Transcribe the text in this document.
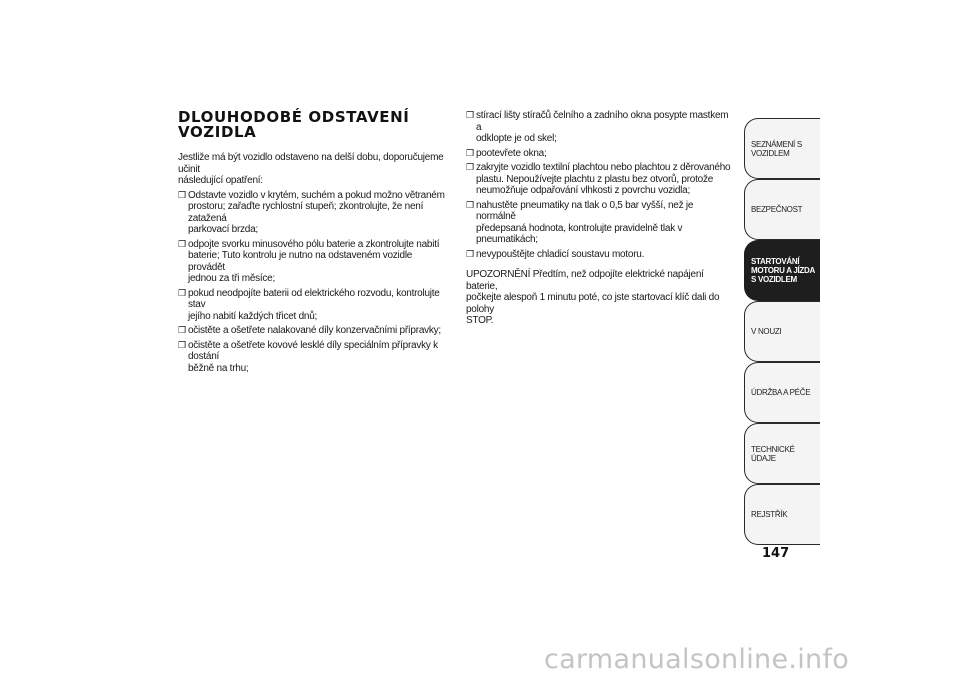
DLOUHODOBÉ ODSTAVENÍ
VOZIDLA
Jestliže má být vozidlo odstaveno na delší dobu, doporučujeme učinit
následující opatření:
❒ Odstavte vozidlo v krytém, suchém a pokud možno větraném
prostoru; zařaďte rychlostní stupeň; zkontrolujte, že není zatažená
parkovací brzda;
❒ odpojte svorku minusového pólu baterie a zkontrolujte nabití
baterie; Tuto kontrolu je nutno na odstaveném vozidle provádět
jednou za tři měsíce;
❒ pokud neodpojíte baterii od elektrického rozvodu, kontrolujte stav
jejího nabití každých třicet dnů;
❒ očistěte a ošetřete nalakované díly konzervačními přípravky;
❒ očistěte a ošetřete kovové lesklé díly speciálním přípravky k dostání
běžně na trhu;
❒ stírací lišty stíračů čelního a zadního okna posypte mastkem a
odklopte je od skel;
❒ pootevřete okna;
❒ zakryjte vozidlo textilní plachtou nebo plachtou z děrovaného
plastu. Nepoužívejte plachtu z plastu bez otvorů, protože
neumožňuje odpařování vlhkosti z povrchu vozidla;
❒ nahustěte pneumatiky na tlak o 0,5 bar vyšší, než je normálně
předepsaná hodnota, kontrolujte pravidelně tlak v pneumatikách;
❒ nevypouštějte chladicí soustavu motoru.
UPOZORNĚNÍ Předtím, než odpojíte elektrické napájení baterie,
počkejte alespoň 1 minutu poté, co jste startovací klíč dali do polohy
STOP.
SEZNÁMENÍ S
VOZIDLEM
BEZPEČNOST
STARTOVÁNÍ
MOTORU A JÍZDA
S VOZIDLEM
V NOUZI
ÚDRŽBA A PÉČE
TECHNICKÉ ÚDAJE
REJSTŘÍK
147
carmanualsonline.info
